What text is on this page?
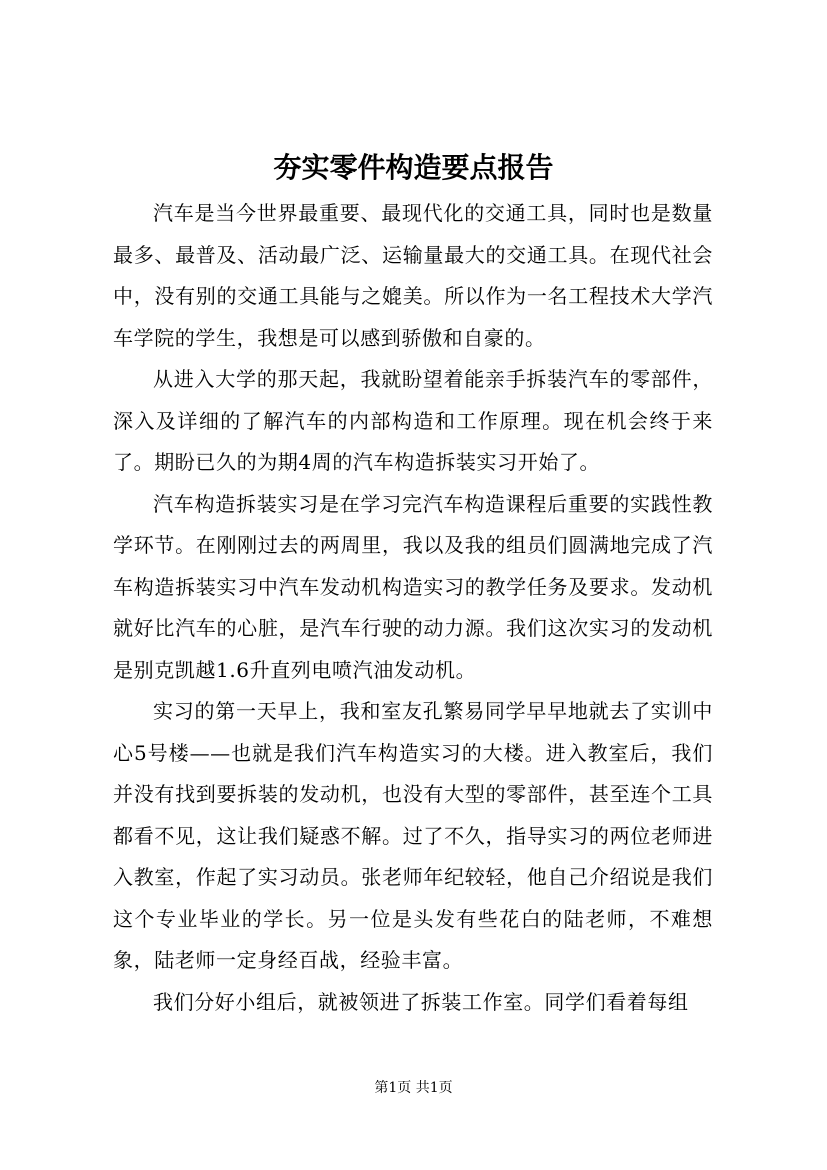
夯实零件构造要点报告

汽车是当今世界最重要、最现代化的交通工具，同时也是数量最多、最普及、活动最广泛、运输量最大的交通工具。在现代社会中，没有别的交通工具能与之媲美。所以作为一名工程技术大学汽车学院的学生，我想是可以感到骄傲和自豪的。

从进入大学的那天起，我就盼望着能亲手拆装汽车的零部件，深入及详细的了解汽车的内部构造和工作原理。现在机会终于来了。期盼已久的为期4周的汽车构造拆装实习开始了。

汽车构造拆装实习是在学习完汽车构造课程后重要的实践性教学环节。在刚刚过去的两周里，我以及我的组员们圆满地完成了汽车构造拆装实习中汽车发动机构造实习的教学任务及要求。发动机就好比汽车的心脏，是汽车行驶的动力源。我们这次实习的发动机是别克凯越1.6升直列电喷汽油发动机。

实习的第一天早上，我和室友孔繁易同学早早地就去了实训中心5号楼——也就是我们汽车构造实习的大楼。进入教室后，我们并没有找到要拆装的发动机，也没有大型的零部件，甚至连个工具都看不见，这让我们疑惑不解。过了不久，指导实习的两位老师进入教室，作起了实习动员。张老师年纪较轻，他自己介绍说是我们这个专业毕业的学长。另一位是头发有些花白的陆老师，不难想象，陆老师一定身经百战，经验丰富。

我们分好小组后，就被领进了拆装工作室。同学们看着每组

第1页 共1页
